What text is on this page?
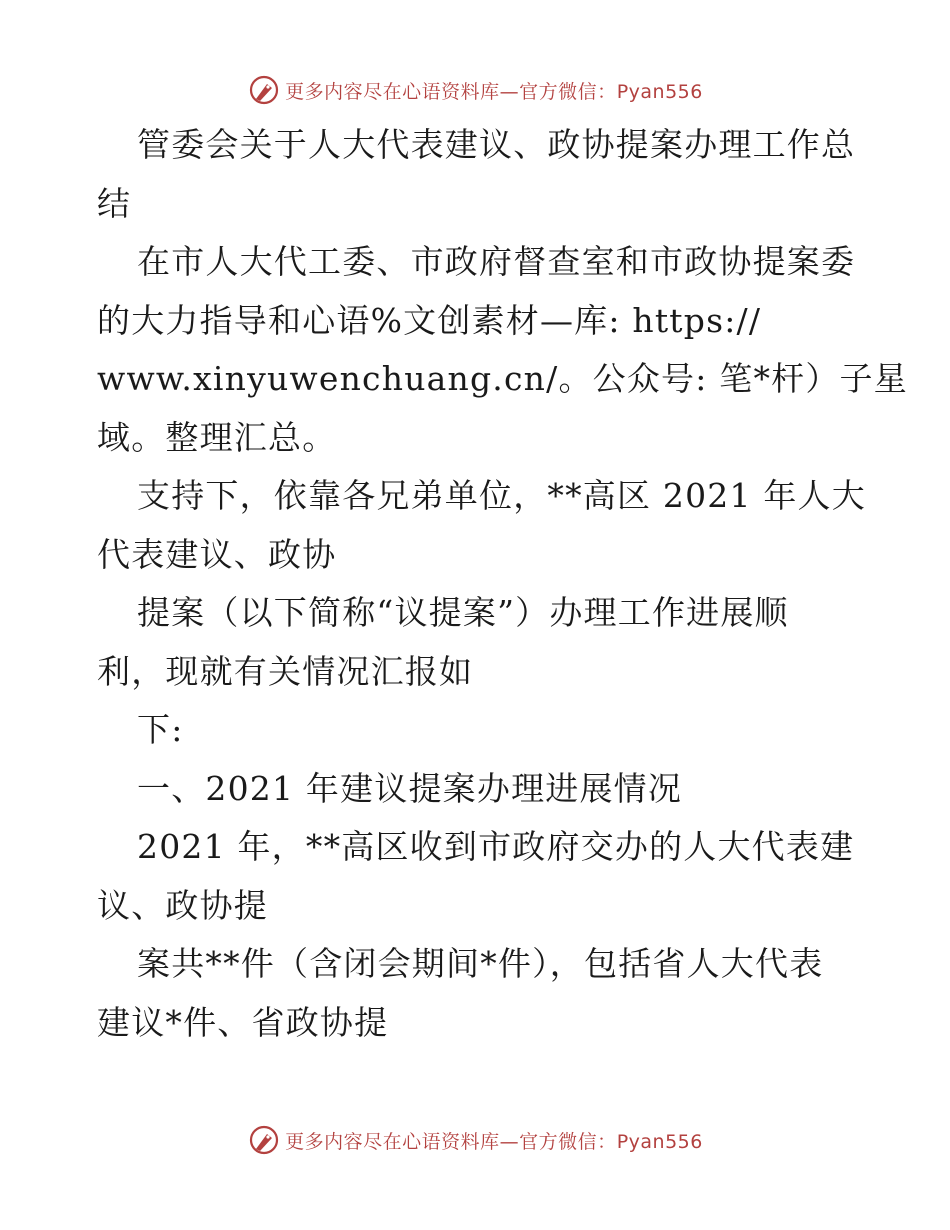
更多内容尽在心语资料库—官方微信：Pyan556
管委会关于人大代表建议、政协提案办理工作总
结
在市人大代工委、市政府督查室和市政协提案委
的大力指导和心语%文创素材—库: https://
www.xinyuwenchuang.cn/。公众号: 笔*杆）子星
域。整理汇总。
支持下，依靠各兄弟单位，**高区 2021 年人大
代表建议、政协
提案（以下简称“议提案”）办理工作进展顺
利，现就有关情况汇报如
下:
一、2021 年建议提案办理进展情况
2021 年，**高区收到市政府交办的人大代表建
议、政协提
案共**件（含闭会期间*件），包括省人大代表
建议*件、省政协提
更多内容尽在心语资料库—官方微信：Pyan556
